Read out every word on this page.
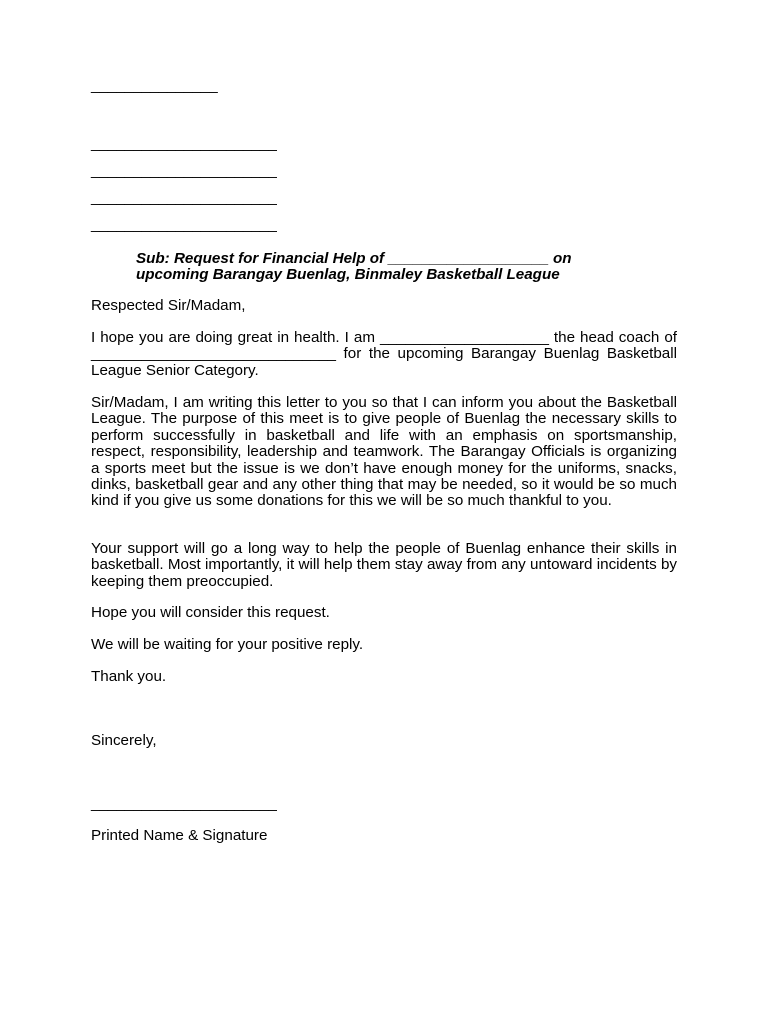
_______________
______________________
______________________
______________________
______________________
Sub: Request for Financial Help of ___________________ on
upcoming Barangay Buenlag, Binmaley Basketball League
Respected Sir/Madam,

I hope you are doing great in health. I am ____________________ the head coach of _____________________________ for the upcoming Barangay Buenlag Basketball League Senior Category.

Sir/Madam, I am writing this letter to you so that I can inform you about the Basketball League. The purpose of this meet is to give people of Buenlag the necessary skills to perform successfully in basketball and life with an emphasis on sportsmanship, respect, responsibility, leadership and teamwork. The Barangay Officials is organizing a sports meet but the issue is we don’t have enough money for the uniforms, snacks, dinks, basketball gear and any other thing that may be needed, so it would be so much kind if you give us some donations for this we will be so much thankful to you.

Your support will go a long way to help the people of Buenlag enhance their skills in basketball. Most importantly, it will help them stay away from any untoward incidents by keeping them preoccupied.

Hope you will consider this request.
We will be waiting for your positive reply.
Thank you.
Sincerely,
______________________
Printed Name & Signature
